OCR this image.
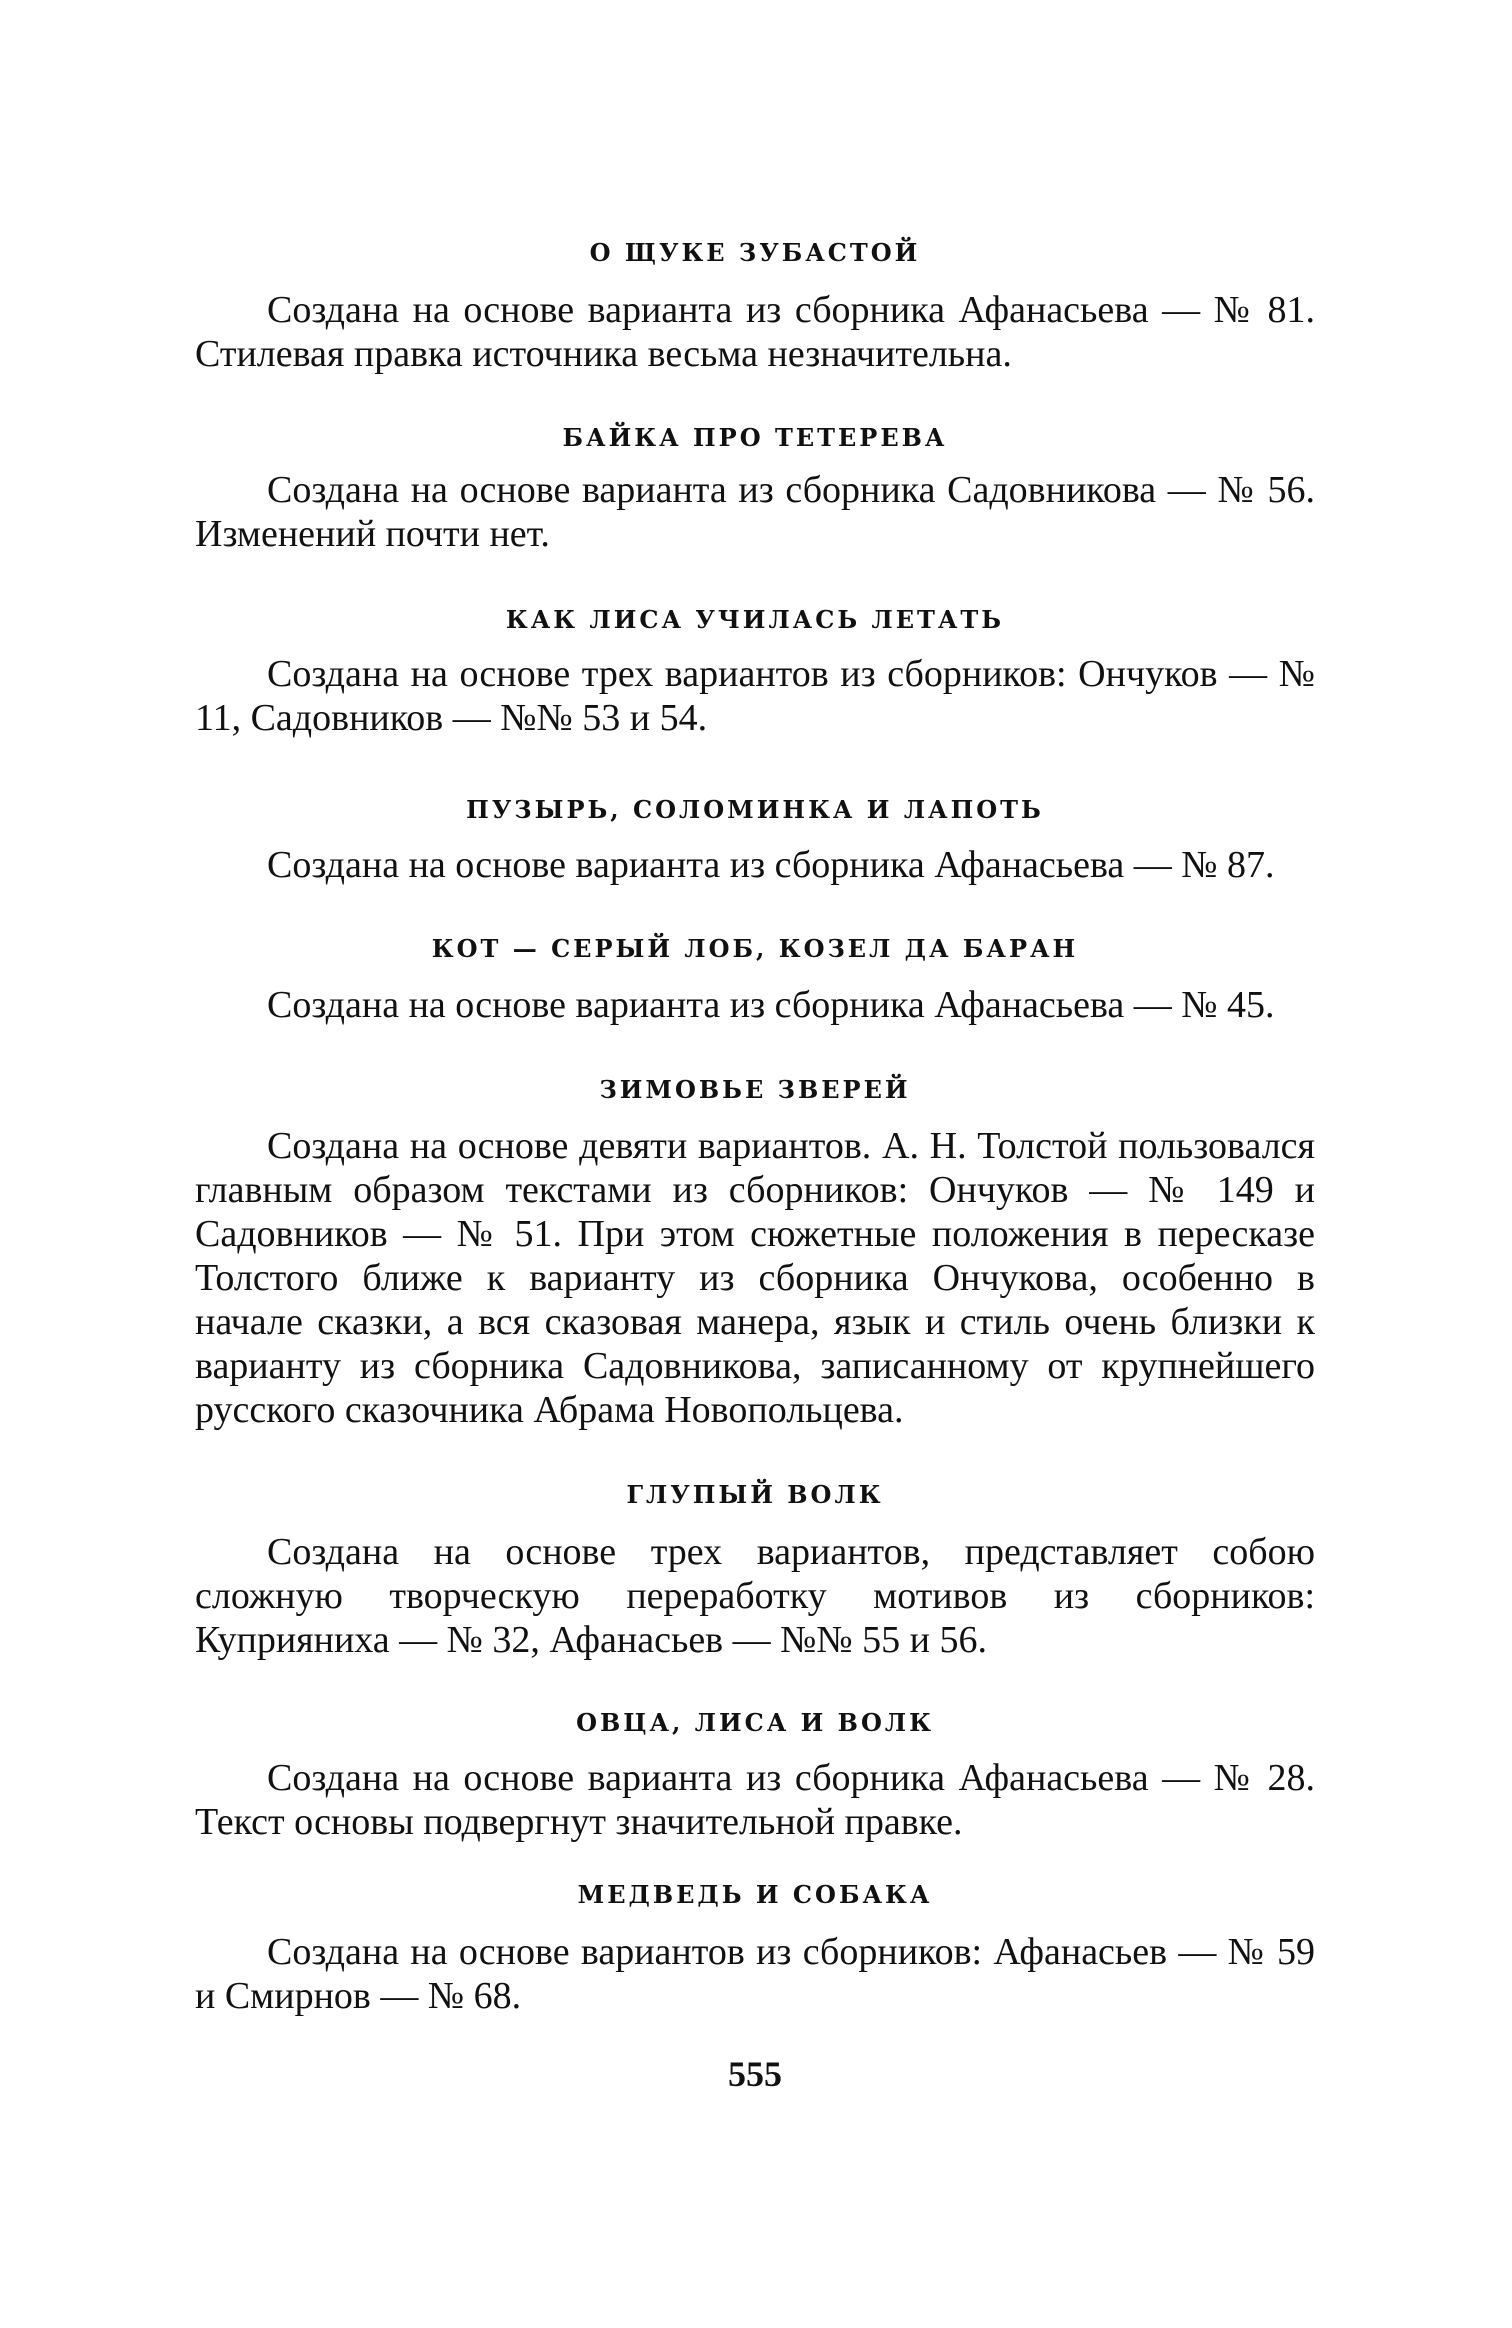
О ЩУКЕ ЗУБАСТОЙ

Создана на основе варианта из сборника Афанасьева — № 81. Стилевая правка источника весьма незначительна.

БАЙКА ПРО ТЕТЕРЕВА

Создана на основе варианта из сборника Садовникова — № 56. Изменений почти нет.

КАК ЛИСА УЧИЛАСЬ ЛЕТАТЬ

Создана на основе трех вариантов из сборников: Ончуков — № 11, Садовников — №№ 53 и 54.

ПУЗЫРЬ, СОЛОМИНКА И ЛАПОТЬ

Создана на основе варианта из сборника Афанасьева — № 87.

КОТ — СЕРЫЙ ЛОБ, КОЗЕЛ ДА БАРАН

Создана на основе варианта из сборника Афанасьева — № 45.

ЗИМОВЬЕ ЗВЕРЕЙ

Создана на основе девяти вариантов. А. Н. Толстой пользовался главным образом текстами из сборников: Ончуков — № 149 и Садовников — № 51. При этом сюжетные положения в пересказе Толстого ближе к варианту из сборника Ончукова, особенно в начале сказки, а вся сказовая манера, язык и стиль очень близки к варианту из сборника Садовникова, записанному от крупнейшего русского сказочника Абрама Новопольцева.

ГЛУПЫЙ ВОЛК

Создана на основе трех вариантов, представляет собою сложную творческую переработку мотивов из сборников: Куприяниха — № 32, Афанасьев — №№ 55 и 56.

ОВЦА, ЛИСА И ВОЛК

Создана на основе варианта из сборника Афанасьева — № 28. Текст основы подвергнут значительной правке.

МЕДВЕДЬ И СОБАКА

Создана на основе вариантов из сборников: Афанасьев — № 59 и Смирнов — № 68.

555
